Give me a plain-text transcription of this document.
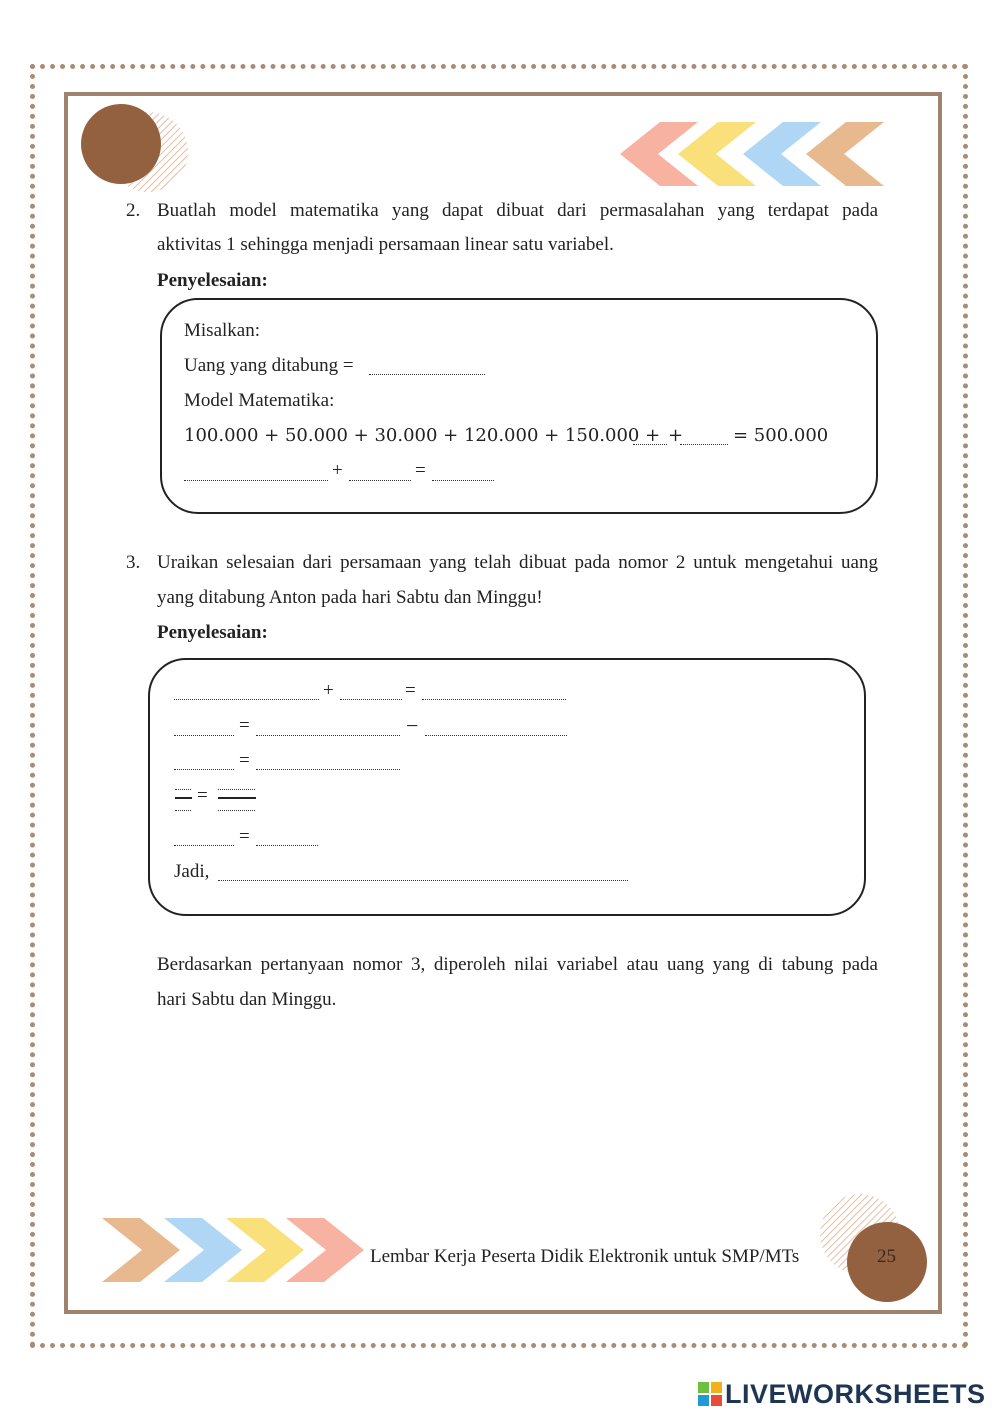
2. Buatlah model matematika yang dapat dibuat dari permasalahan yang terdapat pada
aktivitas 1 sehingga menjadi persamaan linear satu variabel.
Penyelesaian:
Misalkan:
Uang yang ditabung =
Model Matematika:
100.000 + 50.000 + 30.000 + 120.000 + 150.000 + +	= 500.000
+	=
3. Uraikan selesaian dari persamaan yang telah dibuat pada nomor 2 untuk mengetahui uang
yang ditabung Anton pada hari Sabtu dan Minggu!
Penyelesaian:
+	=
=	−
=
=
=
Jadi,
Berdasarkan pertanyaan nomor 3, diperoleh nilai variabel atau uang yang di tabung pada
hari Sabtu dan Minggu.
Lembar Kerja Peserta Didik Elektronik untuk SMP/MTs	25
LIVEWORKSHEETS
